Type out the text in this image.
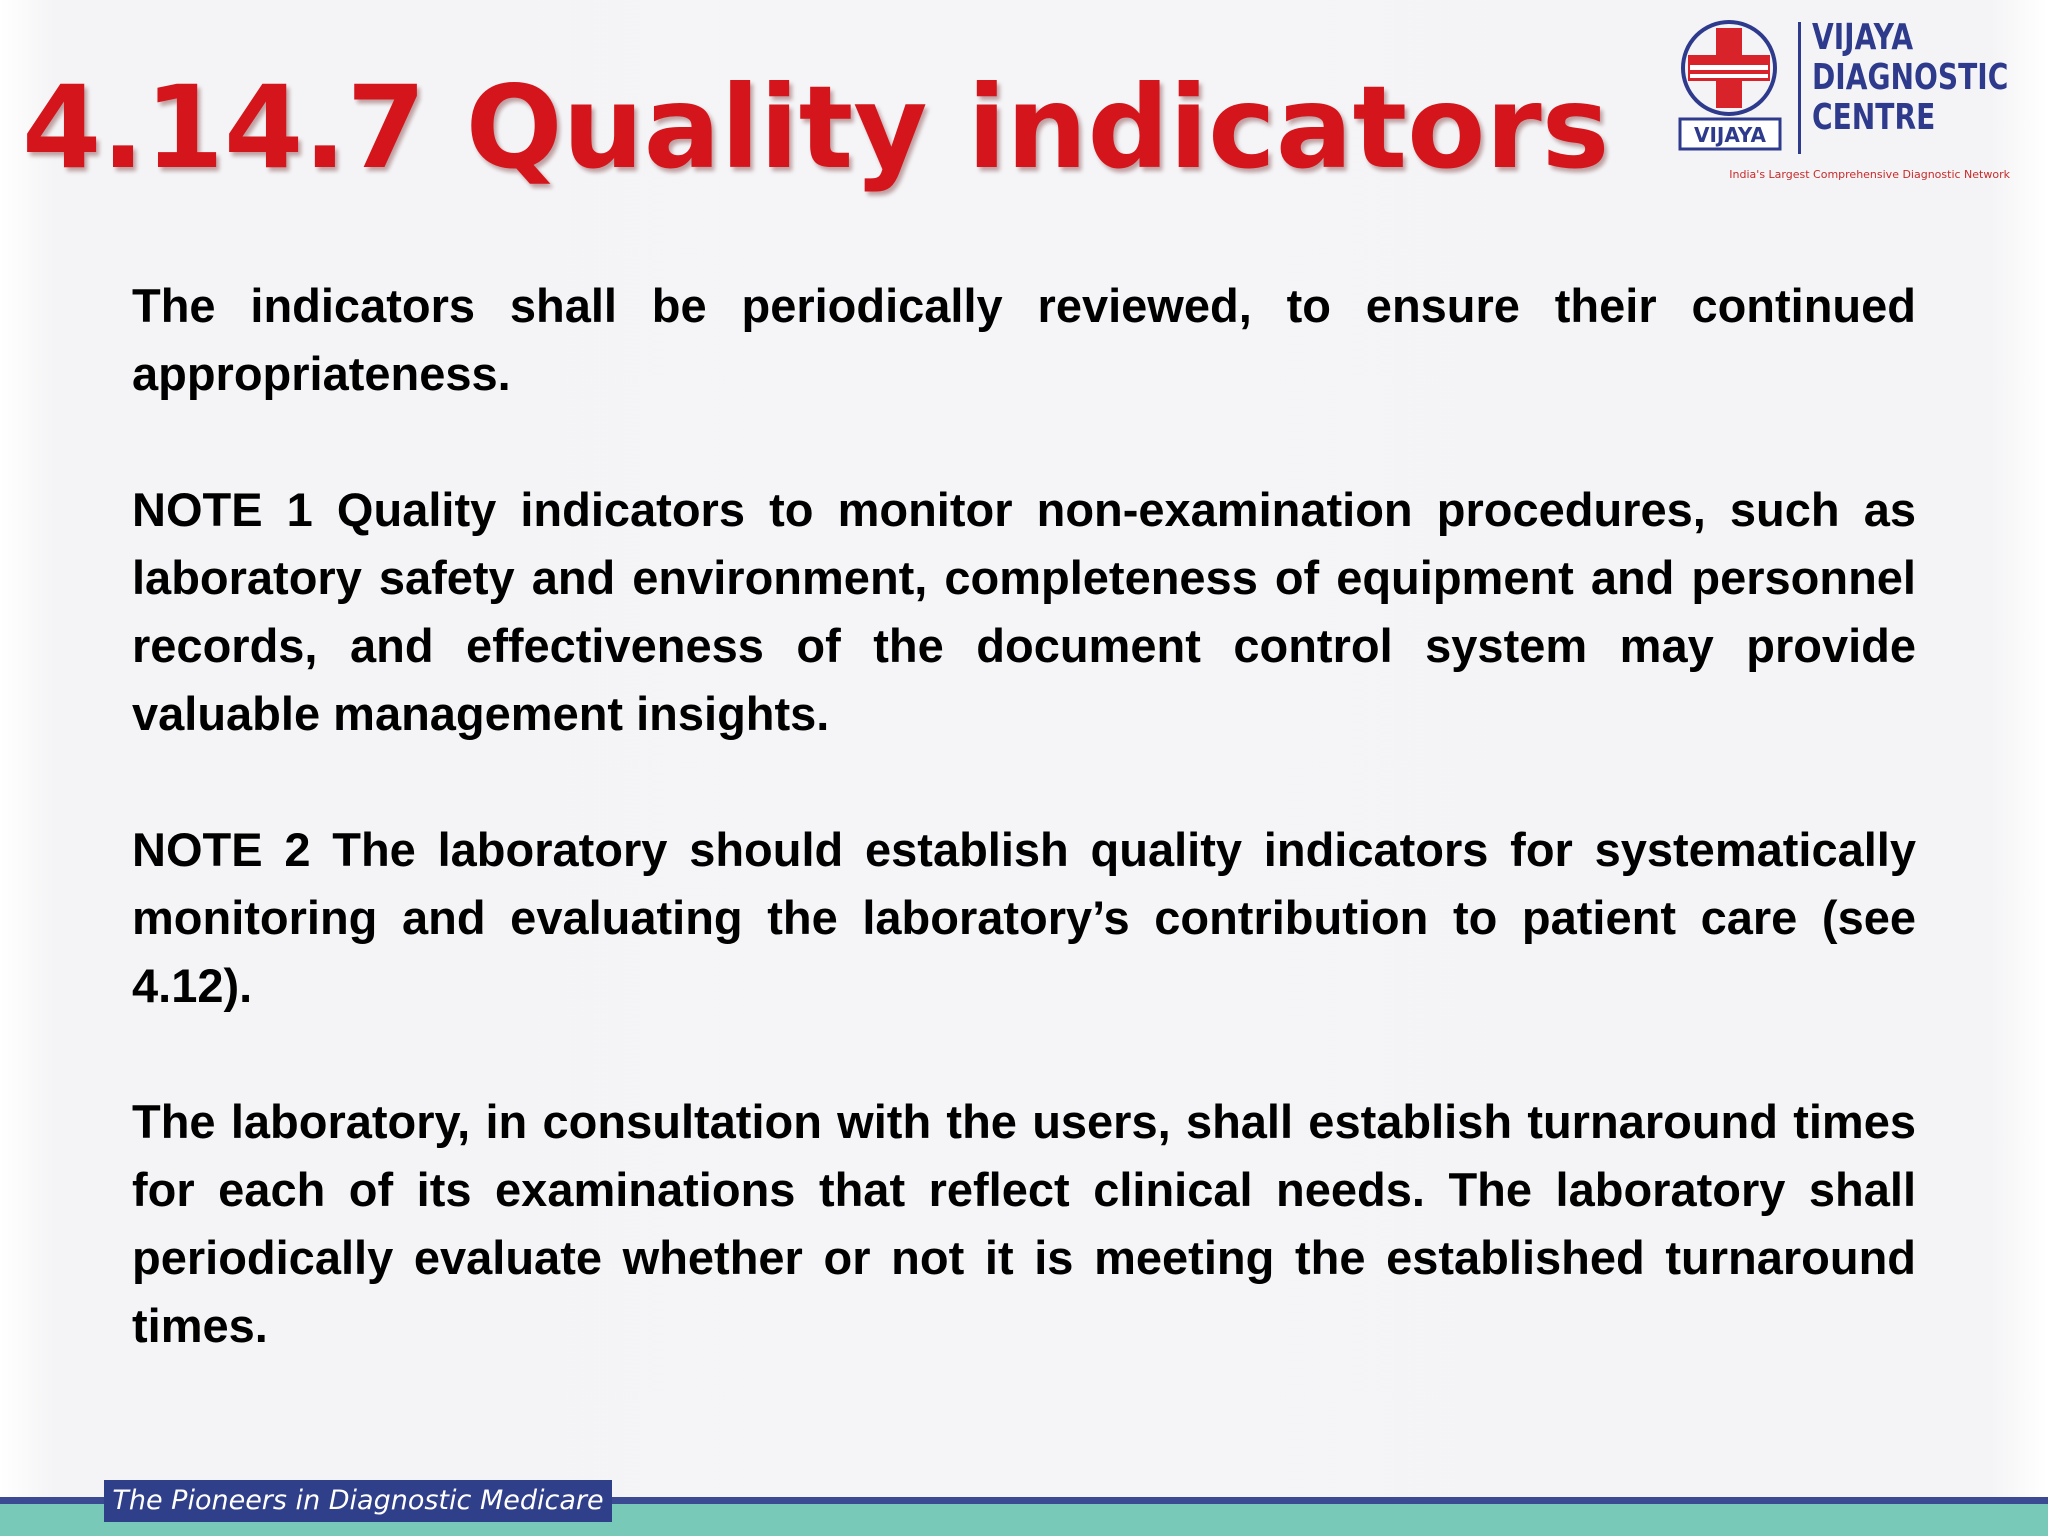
4.14.7 Quality indicators	VIJAYA
VIJAYA
DIAGNOSTIC
CENTRE
India's Largest Comprehensive Diagnostic Network

The indicators shall be periodically reviewed, to ensure their continued appropriateness.

NOTE 1 Quality indicators to monitor non-examination procedures, such as laboratory safety and environment, completeness of equipment and personnel records, and effectiveness of the document control system may provide valuable management insights.

NOTE 2 The laboratory should establish quality indicators for systematically monitoring and evaluating the laboratory’s contribution to patient care (see 4.12).

The laboratory, in consultation with the users, shall establish turnaround times for each of its examinations that reflect clinical needs. The laboratory shall periodically evaluate whether or not it is meeting the established turnaround times.

The Pioneers in Diagnostic Medicare
